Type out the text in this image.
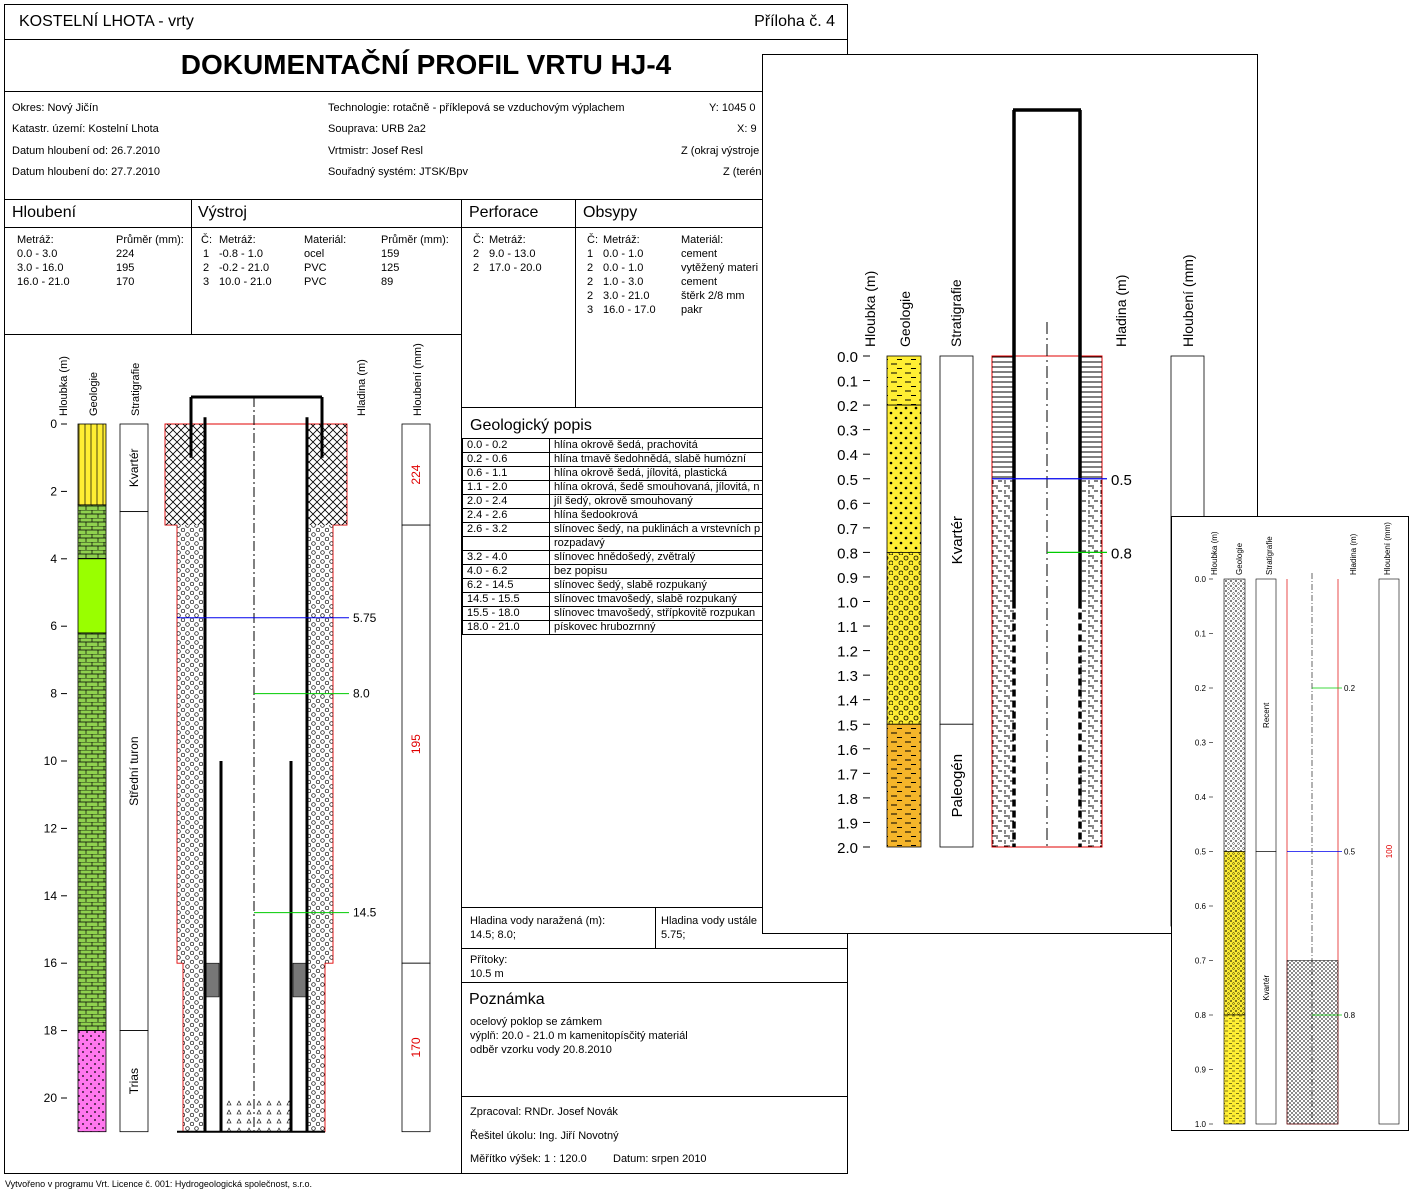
KOSTELNÍ LHOTA - vrty	Příloha č. 4
DOKUMENTAČNÍ PROFIL VRTU HJ-4
Okres: Nový Jičín
Katastr. území: Kostelní Lhota
Datum hloubení od: 26.7.2010
Datum hloubení do: 27.7.2010
Technologie: rotačně - příklepová se vzduchovým výplachem
Souprava: URB 2a2
Vrtmistr: Josef Resl
Souřadný systém: JTSK/Bpv
Y: 1045 0
X: 9
Z (okraj výstroje
Z (terén
Hloubení
Metráž:	Průměr (mm):
0.0 - 3.0	224
3.0 - 16.0	195
16.0 - 21.0	170
Výstroj
Č: Metráž:	Materiál:	Průměr (mm):
1 -0.8 - 1.0	ocel	159
2 -0.2 - 21.0	PVC	125
3 10.0 - 21.0	PVC	89
Perforace
Č: Metráž:
2 9.0 - 13.0
2 17.0 - 20.0
Obsypy
Č: Metráž:	Materiál:
1 0.0 - 1.0	cement
2 0.0 - 1.0	vytěžený materi
2 1.0 - 3.0	cement
2 3.0 - 21.0	štěrk 2/8 mm
3 16.0 - 17.0 pakr
Geologický popis
0.0 - 0.2	hlína okrově šedá, prachovitá
0.2 - 0.6	hlína tmavě šedohnědá, slabě humózní
0.6 - 1.1	hlína okrově šedá, jílovitá, plastická
1.1 - 2.0	hlína okrová, šedě smouhovaná, jílovitá, n
2.0 - 2.4	jíl šedý, okrově smouhovaný
2.4 - 2.6	hlína šedookrová
2.6 - 3.2	slínovec šedý, na puklinách a vrstevních p
	rozpadavý
3.2 - 4.0	slínovec hnědošedý, zvětralý
4.0 - 6.2	bez popisu
6.2 - 14.5	slínovec šedý, slabě rozpukaný
14.5 - 15.5	slínovec tmavošedý, slabě rozpukaný
15.5 - 18.0	slínovec tmavošedý, střípkovitě rozpukan
18.0 - 21.0	pískovec hrubozrnný
Hladina vody naražená (m):
14.5; 8.0;
Hladina vody ustále
5.75;
Přítoky:
10.5 m
Poznámka
ocelový poklop se zámkem
výplň: 20.0 - 21.0 m kamenitopísčitý materiál
odběr vzorku vody 20.8.2010
Zpracoval: RNDr. Josef Novák
Řešitel úkolu: Ing. Jiří Novotný
Měřítko výšek: 1 : 120.0 Datum: srpen 2010
Hloubka (m) Geologie	Stratigrafie	Hladina (m)	Hloubení (mm)
0
2
4
6
8
10
12
14
16
18
20
Kvartér
Střední turon
Trias
5.75
8.0
14.5
224
195
170
Vytvořeno v programu Vrt. Licence č. 001: Hydrogeologická společnost, s.r.o.
Hloubka (m) Geologie	Stratigrafie	Hladina (m)	Hloubení (mm)
0.0
0.1
0.2
0.3
0.4
0.5
0.6
0.7
0.8
0.9
1.0
1.1
1.2
1.3
1.4
1.5
1.6
1.7
1.8
1.9
2.0
Kvartér
Paleogén
0.5
0.8	Hloubka (m) Geologie	Stratigrafie	Hladina (m)	Hloubení (mm)
0.0
0.1
0.2
0.3
0.4
0.5
0.6
0.7
0.8
0.9
1.0
Recent
Kvartér
0.2
0.5
0.8
100
